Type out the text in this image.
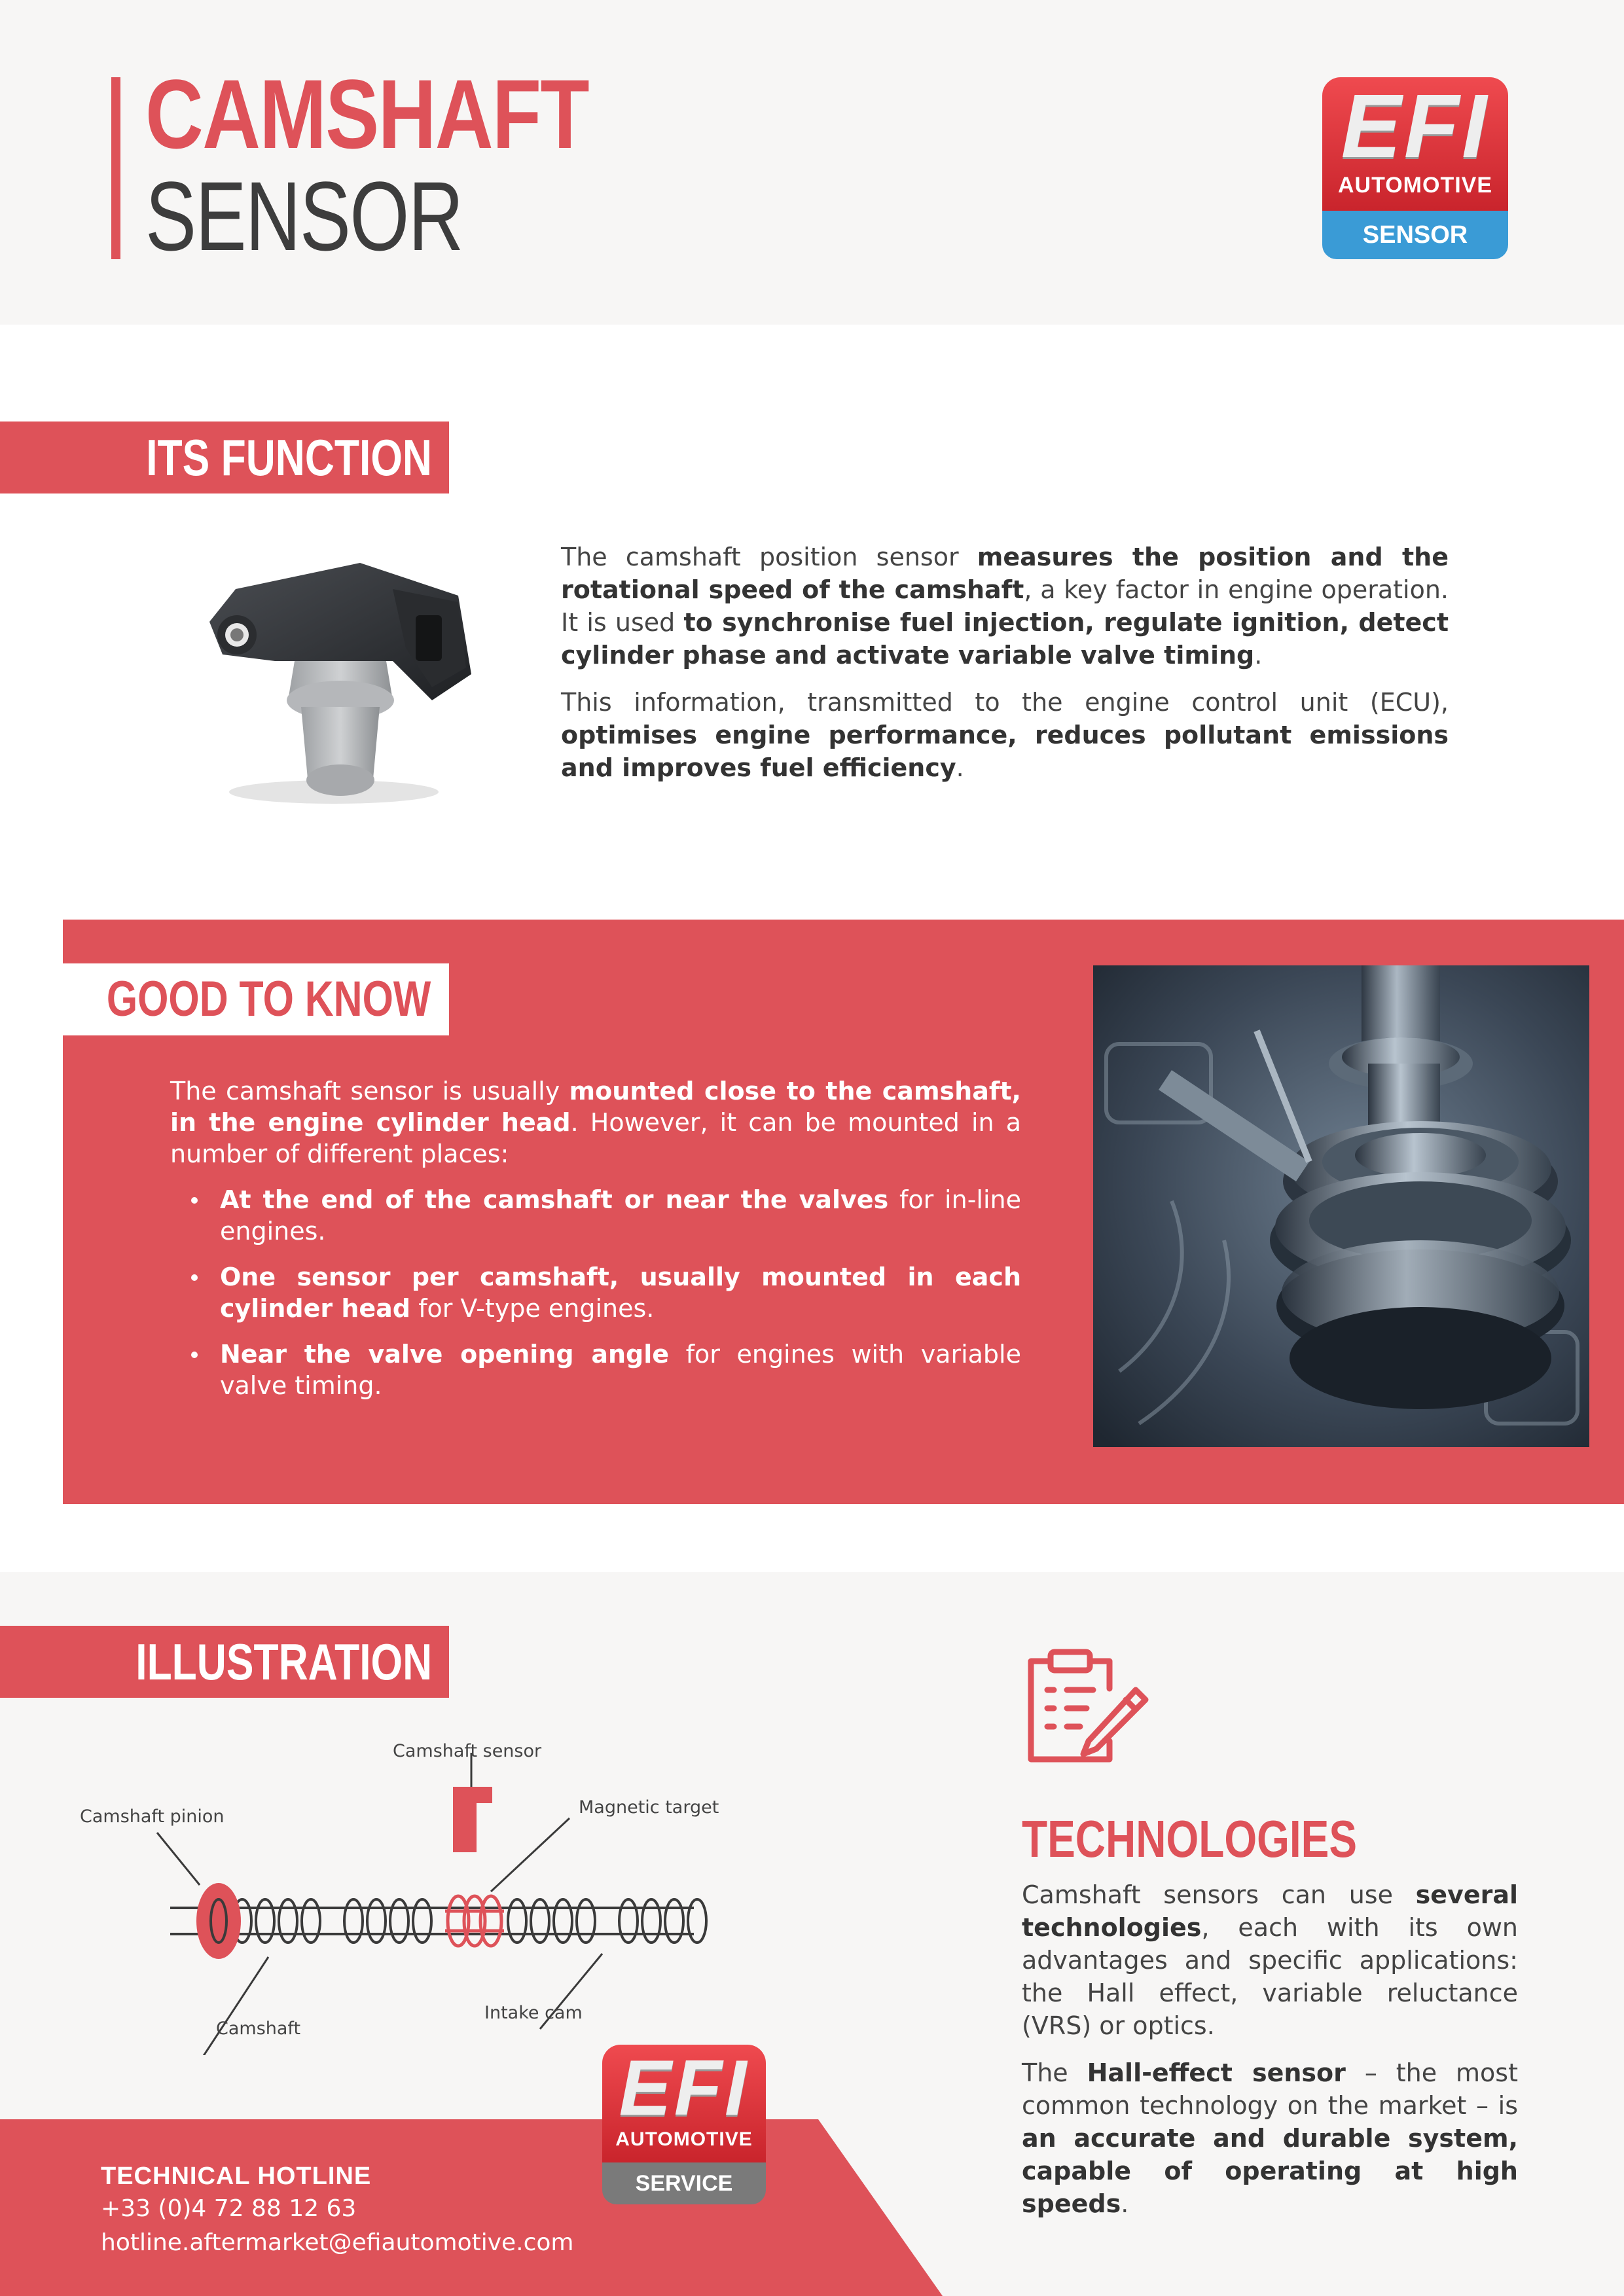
CAMSHAFT
SENSOR
EFI
AUTOMOTIVE
SENSOR
ITS FUNCTION

The camshaft position sensor measures the position and the rotational speed of the camshaft, a key factor in engine operation. It is used to synchronise fuel injection, regulate ignition, detect cylinder phase and activate variable valve timing.

This information, transmitted to the engine control unit (ECU), optimises engine performance, reduces pollutant emissions and improves fuel efficiency.

GOOD TO KNOW

The camshaft sensor is usually mounted close to the camshaft, in the engine cylinder head. However, it can be mounted in a number of different places:

At the end of the camshaft or near the valves for in-line engines.
One sensor per camshaft, usually mounted in each cylinder head for V-type engines.
Near the valve opening angle for engines with variable valve timing.
ILLUSTRATION
Camshaft sensor
Magnetic target
Camshaft pinion
Camshaft
Intake cam
TECHNOLOGIES

Camshaft sensors can use several technologies, each with its own advantages and specific applications: the Hall effect, variable reluctance (VRS) or optics.

The Hall-effect sensor – the most common technology on the market – is an accurate and durable system, capable of operating at high speeds.

EFI
AUTOMOTIVE
SERVICE
TECHNICAL HOTLINE
+33 (0)4 72 88 12 63
hotline.aftermarket@efiautomotive.com
